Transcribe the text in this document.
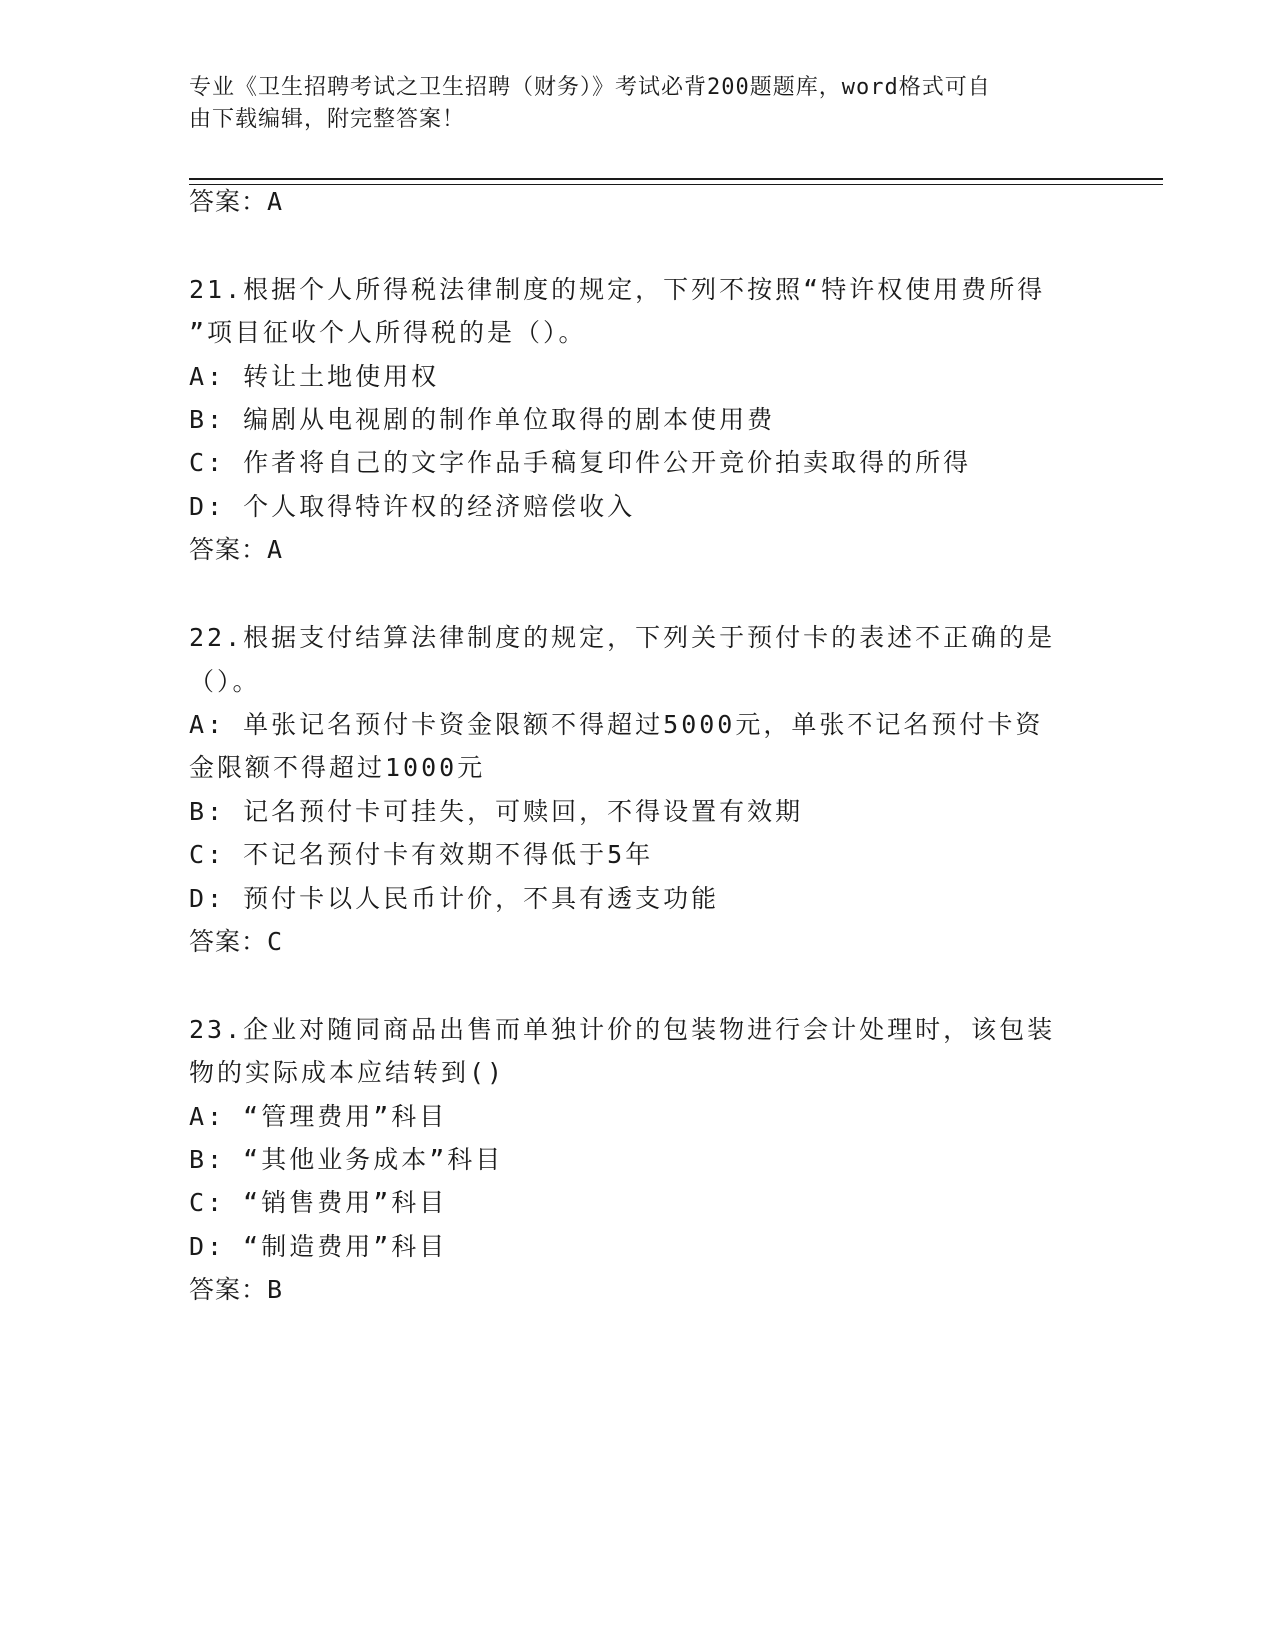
专业《卫生招聘考试之卫生招聘（财务）》考试必背200题题库，word格式可自
由下载编辑，附完整答案！
答案：A
21.根据个人所得税法律制度的规定，下列不按照“特许权使用费所得
”项目征收个人所得税的是（）。
A: 转让土地使用权
B: 编剧从电视剧的制作单位取得的剧本使用费
C: 作者将自己的文字作品手稿复印件公开竞价拍卖取得的所得
D: 个人取得特许权的经济赔偿收入
答案：A
22.根据支付结算法律制度的规定，下列关于预付卡的表述不正确的是
（）。
A: 单张记名预付卡资金限额不得超过5000元，单张不记名预付卡资
金限额不得超过1000元
B: 记名预付卡可挂失，可赎回，不得设置有效期
C: 不记名预付卡有效期不得低于5年
D: 预付卡以人民币计价，不具有透支功能
答案：C
23.企业对随同商品出售而单独计价的包装物进行会计处理时，该包装
物的实际成本应结转到()
A: “管理费用”科目
B: “其他业务成本”科目
C: “销售费用”科目
D: “制造费用”科目
答案：B
